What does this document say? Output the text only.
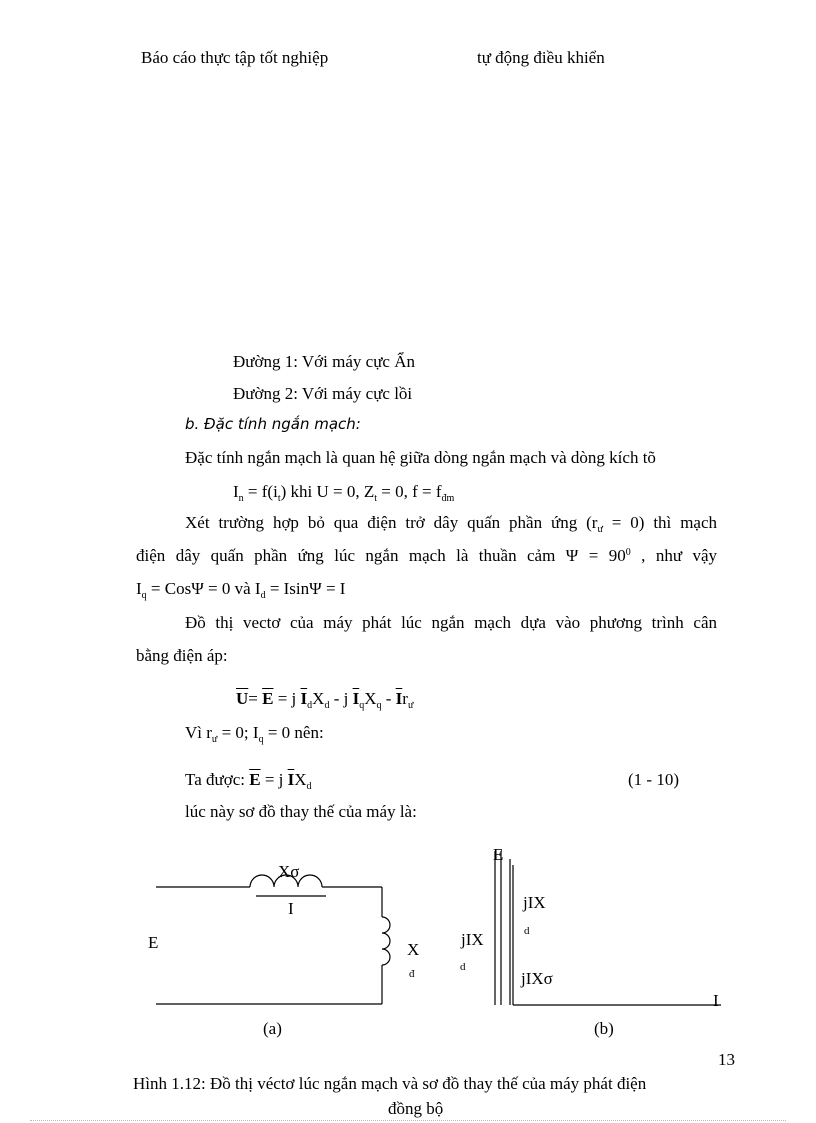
Báo cáo thực tập tốt nghiệp	tự động điều khiển
Đường 1: Với máy cực Ẩn
Đường 2: Với máy cực lồi
b. Đặc tính ngắn mạch:
Đặc tính ngắn mạch là quan hệ giữa dòng ngắn mạch và dòng kích tõ
$I_n = f(i_t)$ khi U = 0, $Z_t = 0$, $f = f_{đm}$
Xét trường hợp bỏ qua điện trở dây quấn phần ứng $(r_ư = 0)$ thì mạch
điện dây quấn phần ứng lúc ngắn mạch là thuần cảm $\Psi = 90^0$ , như vậy
$I_q = Cos\Psi = 0$ và $I_d = Isin\Psi = I$
Đồ thị vectơ của máy phát lúc ngắn mạch dựa vào phương trình cân
bằng điện áp:
$\overline{U}= \overline{E} = j$ $\overline{I}_dX_d$ - j $\overline{I}_qX_q - \overline{I}r_ư$
Vì $r_ư = 0$; $I_q = 0$ nên:
Ta được: $\overline{E} = j$ $\overline{I}X_d$	(1 - 10)
lúc này sơ đồ thay thế của máy là:
E
Xσ
I
X
đ
(a)
E
jIX
d
jIX
d
jIXσ
I
(b)
13
Hình 1.12: Đồ thị véctơ lúc ngắn mạch và sơ đồ thay thế của máy phát điện
đồng bộ
